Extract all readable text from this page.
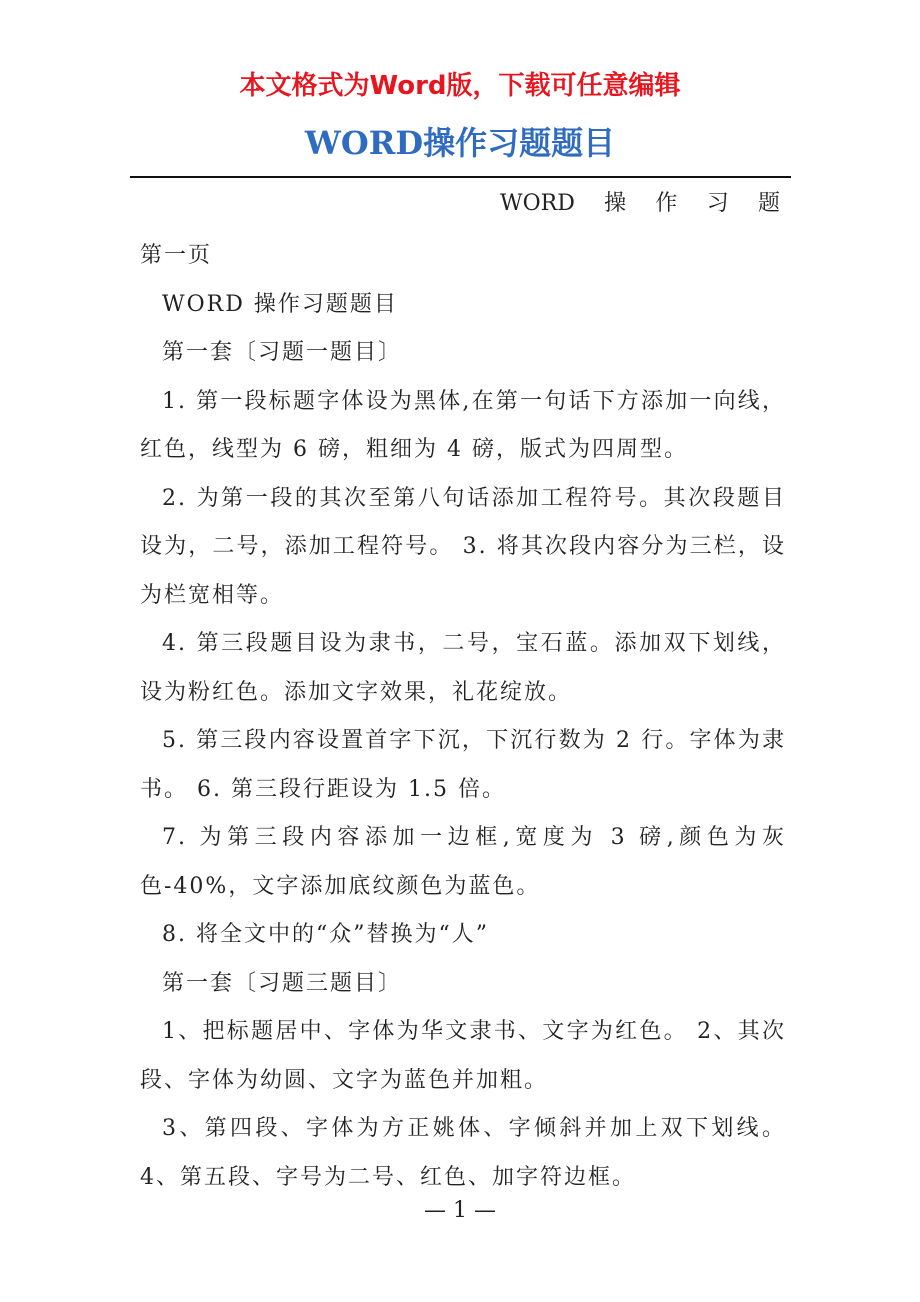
本文格式为Word版，下载可任意编辑
WORD操作习题题目
WORD 操 作 习 题

第一页

WORD 操作习题题目

第一套〔习题一题目〕

1. 第一段标题字体设为黑体,在第一句话下方添加一向线，红色，线型为 6 磅，粗细为 4 磅，版式为四周型。

2. 为第一段的其次至第八句话添加工程符号。其次段题目设为，二号，添加工程符号。 3. 将其次段内容分为三栏，设为栏宽相等。

4. 第三段题目设为隶书，二号，宝石蓝。添加双下划线，设为粉红色。添加文字效果，礼花绽放。

5. 第三段内容设置首字下沉，下沉行数为 2 行。字体为隶书。 6. 第三段行距设为 1.5 倍。

7. 为第三段内容添加一边框,宽度为 3 磅,颜色为灰色-40%，文字添加底纹颜色为蓝色。

8. 将全文中的“众”替换为“人”

第一套〔习题三题目〕

1、把标题居中、字体为华文隶书、文字为红色。 2、其次段、字体为幼圆、文字为蓝色并加粗。

3、第四段、字体为方正姚体、字倾斜并加上双下划线。4、第五段、字号为二号、红色、加字符边框。

— 1 —
